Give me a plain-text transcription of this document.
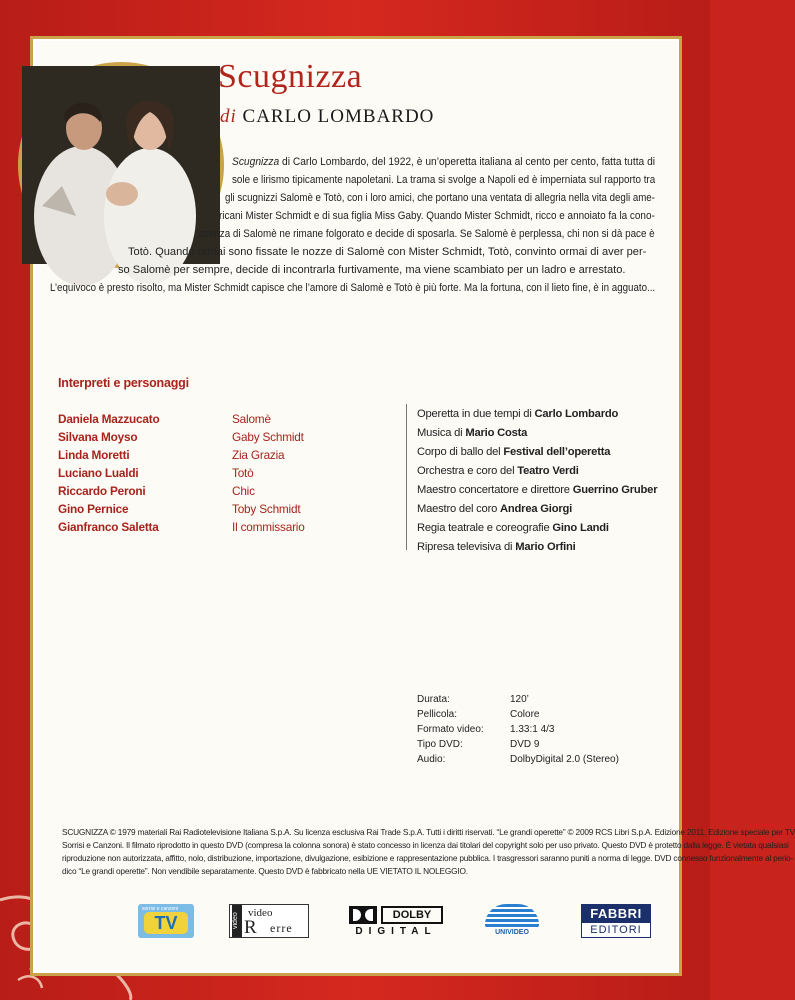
Scugnizza
di CARLO LOMBARDO
Scugnizza di Carlo Lombardo, del 1922, è un’operetta italiana al cento per cento, fatta tutta di
sole e lirismo tipicamente napoletani. La trama si svolge a Napoli ed è imperniata sul rapporto tra
gli scugnizzi Salomè e Totò, con i loro amici, che portano una ventata di allegria nella vita degli ame-
ricani Mister Schmidt e di sua figlia Miss Gaby. Quando Mister Schmidt, ricco e annoiato fa la cono-
scenza di Salomè ne rimane folgorato e decide di sposarla. Se Salomè è perplessa, chi non si dà pace è
Totò. Quando ormai sono fissate le nozze di Salomè con Mister Schmidt, Totò, convinto ormai di aver per-
so Salomè per sempre, decide di incontrarla furtivamente, ma viene scambiato per un ladro e arrestato.
L’equivoco è presto risolto, ma Mister Schmidt capisce che l’amore di Salomè e Totò è più forte. Ma la fortuna, con il lieto fine, è in agguato...
Interpreti e personaggi
Daniela Mazzucato	Salomè
Silvana Moyso	Gaby Schmidt
Linda Moretti	Zia Grazia
Luciano Lualdi	Totò
Riccardo Peroni	Chic
Gino Pernice	Toby Schmidt
Gianfranco Saletta	Il commissario
Operetta in due tempi di Carlo Lombardo
Musica di Mario Costa
Corpo di ballo del Festival dell’operetta
Orchestra e coro del Teatro Verdi
Maestro concertatore e direttore Guerrino Gruber
Maestro del coro Andrea Giorgi
Regia teatrale e coreografie Gino Landi
Ripresa televisiva di Mario Orfini
Durata:	120’
Pellicola:	Colore
Formato video:	1.33:1 4/3
Tipo DVD:	DVD 9
Audio:	DolbyDigital 2.0 (Stereo)
SCUGNIZZA © 1979 materiali Rai Radiotelevisione Italiana S.p.A. Su licenza esclusiva Rai Trade S.p.A. Tutti i diritti riservati. “Le grandi operette” © 2009 RCS Libri S.p.A. Edizione 2011. Edizione speciale per TV
Sorrisi e Canzoni. Il filmato riprodotto in questo DVD (compresa la colonna sonora) è stato concesso in licenza dai titolari del copyright solo per uso privato. Questo DVD è protetto dalla legge. È vietata qualsiasi
riproduzione non autorizzata, affitto, nolo, distribuzione, importazione, divulgazione, esibizione e rappresentazione pubblica. I trasgressori saranno puniti a norma di legge. DVD connesso funzionalmente al perio-
dico “Le grandi operette”. Non vendibile separatamente. Questo DVD è fabbricato nella UE VIETATO IL NOLEGGIO.
sorrisi e canzoni
TV	video video
R erre
DOLBY
DIGITAL	UNIVIDEO
FABBRI
EDITORI
